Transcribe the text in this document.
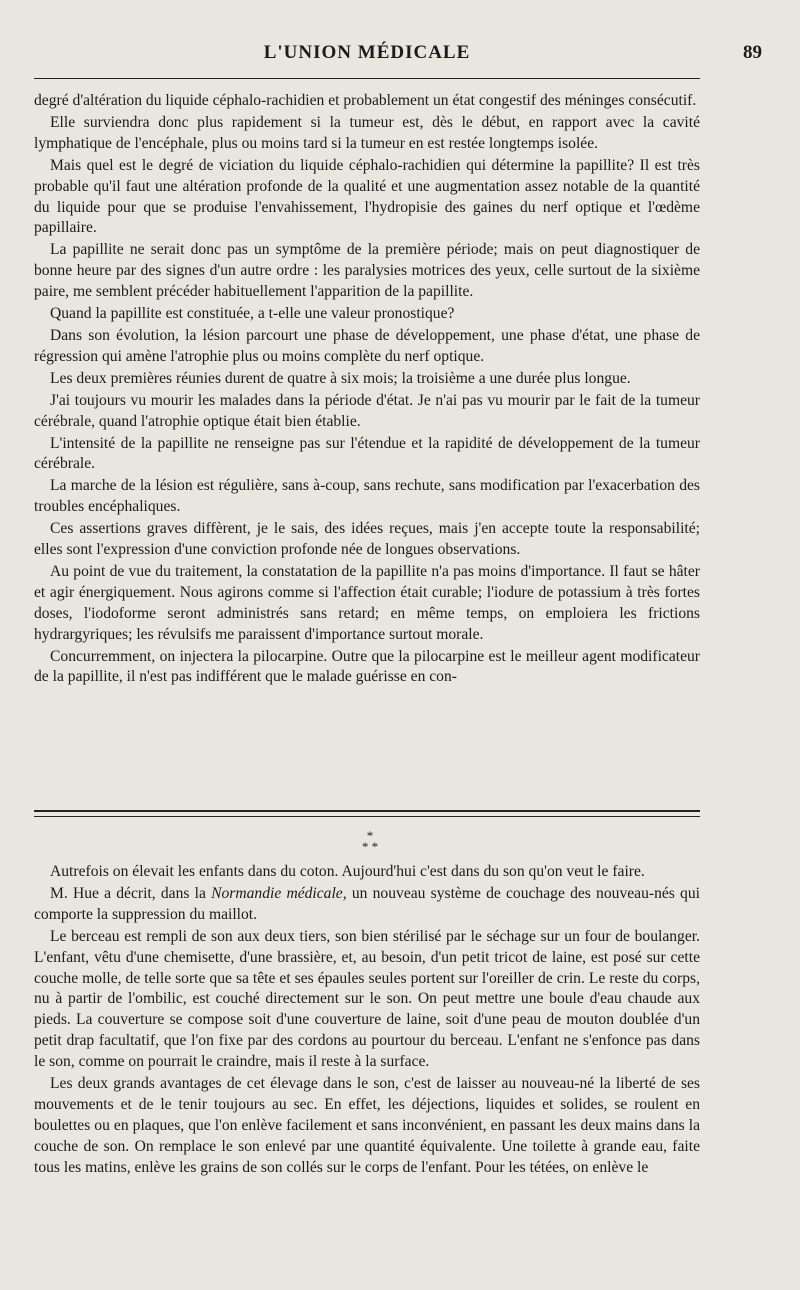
L'UNION MÉDICALE	89

degré d'altération du liquide céphalo-rachidien et probablement un état congestif des méninges consécutif.

Elle surviendra donc plus rapidement si la tumeur est, dès le début, en rapport avec la cavité lymphatique de l'encéphale, plus ou moins tard si la tumeur en est restée longtemps isolée.

Mais quel est le degré de viciation du liquide céphalo-rachidien qui détermine la papillite? Il est très probable qu'il faut une altération profonde de la qualité et une augmentation assez notable de la quantité du liquide pour que se produise l'envahissement, l'hydropisie des gaines du nerf optique et l'œdème papillaire.

La papillite ne serait donc pas un symptôme de la première période; mais on peut diagnostiquer de bonne heure par des signes d'un autre ordre : les paralysies motrices des yeux, celle surtout de la sixième paire, me semblent précéder habituellement l'apparition de la papillite.

Quand la papillite est constituée, a t-elle une valeur pronostique?

Dans son évolution, la lésion parcourt une phase de développement, une phase d'état, une phase de régression qui amène l'atrophie plus ou moins complète du nerf optique.

Les deux premières réunies durent de quatre à six mois; la troisième a une durée plus longue.

J'ai toujours vu mourir les malades dans la période d'état. Je n'ai pas vu mourir par le fait de la tumeur cérébrale, quand l'atrophie optique était bien établie.

L'intensité de la papillite ne renseigne pas sur l'étendue et la rapidité de développement de la tumeur cérébrale.

La marche de la lésion est régulière, sans à-coup, sans rechute, sans modification par l'exacerbation des troubles encéphaliques.

Ces assertions graves diffèrent, je le sais, des idées reçues, mais j'en accepte toute la responsabilité; elles sont l'expression d'une conviction profonde née de longues observations.

Au point de vue du traitement, la constatation de la papillite n'a pas moins d'importance. Il faut se hâter et agir énergiquement. Nous agirons comme si l'affection était curable; l'iodure de potassium à très fortes doses, l'iodoforme seront administrés sans retard; en même temps, on emploiera les frictions hydrargyriques; les révulsifs me paraissent d'importance surtout morale.

Concurremment, on injectera la pilocarpine. Outre que la pilocarpine est le meilleur agent modificateur de la papillite, il n'est pas indifférent que le malade guérisse en con-

*
* *

Autrefois on élevait les enfants dans du coton. Aujourd'hui c'est dans du son qu'on veut le faire.

M. Hue a décrit, dans la Normandie médicale, un nouveau système de couchage des nouveau-nés qui comporte la suppression du maillot.

Le berceau est rempli de son aux deux tiers, son bien stérilisé par le séchage sur un four de boulanger. L'enfant, vêtu d'une chemisette, d'une brassière, et, au besoin, d'un petit tricot de laine, est posé sur cette couche molle, de telle sorte que sa tête et ses épaules seules portent sur l'oreiller de crin. Le reste du corps, nu à partir de l'ombilic, est couché directement sur le son. On peut mettre une boule d'eau chaude aux pieds. La couverture se compose soit d'une couverture de laine, soit d'une peau de mouton doublée d'un petit drap facultatif, que l'on fixe par des cordons au pourtour du berceau. L'enfant ne s'enfonce pas dans le son, comme on pourrait le craindre, mais il reste à la surface.

Les deux grands avantages de cet élevage dans le son, c'est de laisser au nouveau-né la liberté de ses mouvements et de le tenir toujours au sec. En effet, les déjections, liquides et solides, se roulent en boulettes ou en plaques, que l'on enlève facilement et sans inconvénient, en passant les deux mains dans la couche de son. On remplace le son enlevé par une quantité équivalente. Une toilette à grande eau, faite tous les matins, enlève les grains de son collés sur le corps de l'enfant. Pour les tétées, on enlève le
